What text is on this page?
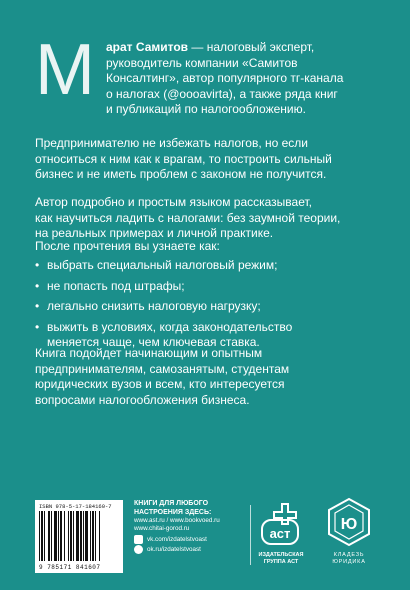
М арат Самитов — налоговый эксперт,
руководитель компании «Самитов
Консалтинг», автор популярного тг-канала
о налогах (@oooavirta), а также ряда книг
и публикаций по налогообложению.
Предпринимателю не избежать налогов, но если
относиться к ним как к врагам, то построить сильный
бизнес и не иметь проблем с законом не получится.
Автор подробно и простым языком рассказывает,
как научиться ладить с налогами: без заумной теории,
на реальных примерах и личной практике.
После прочтения вы узнаете как:
• выбрать специальный налоговый режим;
• не попасть под штрафы;
• легально снизить налоговую нагрузку;
• выжить в условиях, когда законодательство
меняется чаще, чем ключевая ставка.
Книга подойдет начинающим и опытным
предпринимателям, самозанятым, студентам
юридических вузов и всем, кто интересуется
вопросами налогообложения бизнеса.
ISBN 978-5-17-184160-7
9 785171 841607
КНИГИ ДЛЯ ЛЮБОГО
НАСТРОЕНИЯ ЗДЕСЬ:
www.ast.ru / www.bookvoed.ru
www.chitai-gorod.ru
vk.com/izdatelstvoast
ok.ru/izdatelstvoast
аст
ИЗДАТЕЛЬСКАЯ
ГРУППА АСТ
Ю
КЛАДЕЗЬ
ЮРИДИКА
